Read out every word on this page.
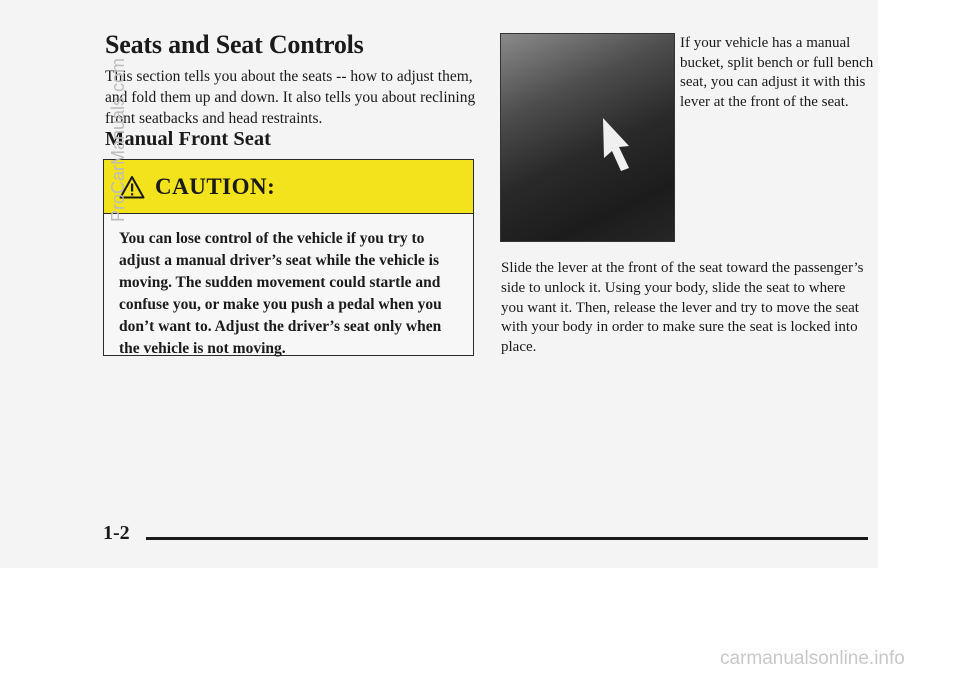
Seats and Seat Controls
This section tells you about the seats -- how to adjust them, and fold them up and down. It also tells you about reclining front seatbacks and head restraints.
Manual Front Seat
CAUTION:
You can lose control of the vehicle if you try to adjust a manual driver’s seat while the vehicle is moving. The sudden movement could startle and confuse you, or make you push a pedal when you don’t want to. Adjust the driver’s seat only when the vehicle is not moving.
If your vehicle has a manual bucket, split bench or full bench seat, you can adjust it with this lever at the front of the seat.
Slide the lever at the front of the seat toward the passenger’s side to unlock it. Using your body, slide the seat to where you want it. Then, release the lever and try to move the seat with your body in order to make sure the seat is locked into place.
1-2
ProCarManuals.com
carmanualsonline.info
